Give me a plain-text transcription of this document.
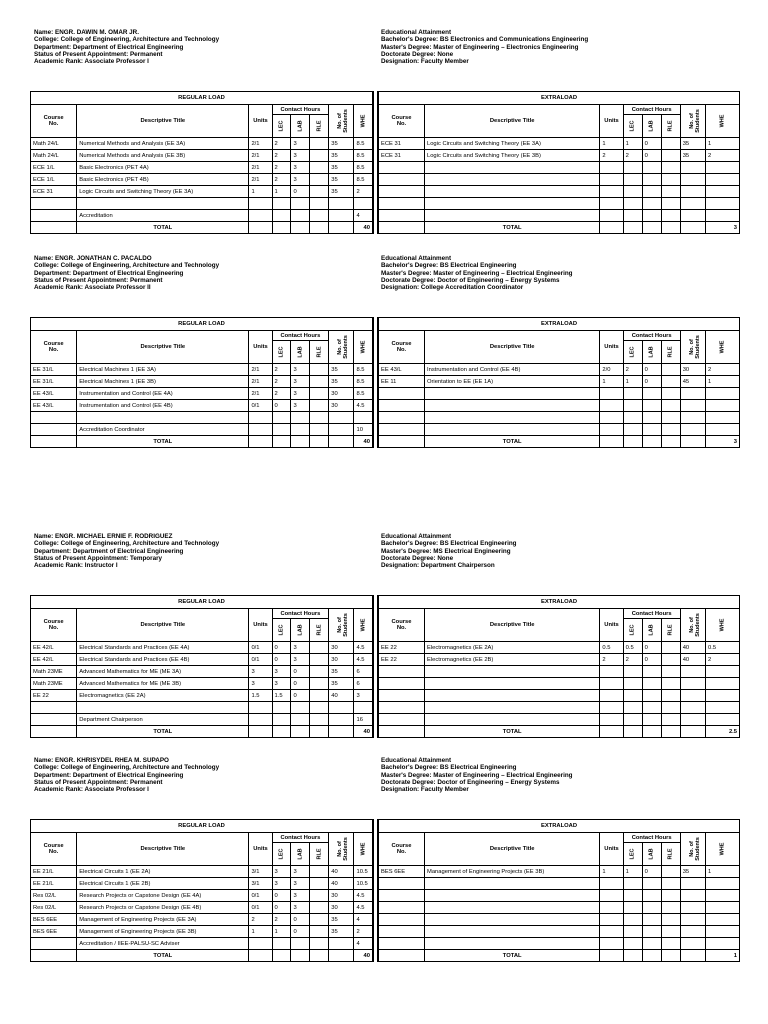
Name: ENGR. DAWIN M. OMAR JR.
College: College of Engineering, Architecture and Technology
Department: Department of Electrical Engineering
Status of Present Appointment: Permanent
Academic Rank: Associate Professor I
Educational Attainment
Bachelor's Degree: BS Electronics and Communications Engineering
Master's Degree: Master of Engineering – Electronics Engineering
Doctorate Degree: None
Designation: Faculty Member
REGULAR LOAD							
Course
No.	Descriptive Title	Units	Contact Hours			No. of
Students	WHE
			LEC	LAB	RLE		
Math 24/L	Numerical Methods and Analysis (EE 3A)	2/1	2	3		35	8.5
Math 24/L	Numerical Methods and Analysis (EE 3B)	2/1	2	3		35	8.5
ECE 1/L	Basic Electronics (PET 4A)	2/1	2	3		35	8.5
ECE 1/L	Basic Electronics (PET 4B)	2/1	2	3		35	8.5
ECE 31	Logic Circuits and Switching Theory (EE 3A)	1	1	0		35	2

	Accreditation						4
	TOTAL						40
EXTRALOAD							
Course
No.	Descriptive Title	Units	Contact Hours			No. of
Students	WHE
			LEC	LAB	RLE		
ECE 31	Logic Circuits and Switching Theory (EE 3A)	1	1	0		35	1
ECE 31	Logic Circuits and Switching Theory (EE 3B)	2	2	0		35	2

	TOTAL						3
Name: ENGR. JONATHAN C. PACALDO
College: College of Engineering, Architecture and Technology
Department: Department of Electrical Engineering
Status of Present Appointment: Permanent
Academic Rank: Associate Professor II
Educational Attainment
Bachelor's Degree: BS Electrical Engineering
Master's Degree: Master of Engineering – Electrical Engineering
Doctorate Degree: Doctor of Engineering – Energy Systems
Designation: College Accreditation Coordinator
REGULAR LOAD							
Course
No.	Descriptive Title	Units	Contact Hours			No. of
Students	WHE
			LEC	LAB	RLE		
EE 31/L	Electrical Machines 1 (EE 3A)	2/1	2	3		35	8.5
EE 31/L	Electrical Machines 1 (EE 3B)	2/1	2	3		35	8.5
EE 43/L	Instrumentation and Control (EE 4A)	2/1	2	3		30	8.5
EE 43/L	Instrumentation and Control (EE 4B)	0/1	0	3		30	4.5

	Accreditation Coordinator						10
	TOTAL						40
EXTRALOAD							
Course
No.	Descriptive Title	Units	Contact Hours			No. of
Students	WHE
			LEC	LAB	RLE		
EE 43/L	Instrumentation and Control (EE 4B)	2/0	2	0		30	2
EE 11	Orientation to EE (EE 1A)	1	1	0		45	1

	TOTAL						3
Name: ENGR. MICHAEL ERNIE F. RODRIGUEZ
College: College of Engineering, Architecture and Technology
Department: Department of Electrical Engineering
Status of Present Appointment: Temporary
Academic Rank: Instructor I
Educational Attainment
Bachelor's Degree: BS Electrical Engineering
Master's Degree: MS Electrical Engineering
Doctorate Degree: None
Designation: Department Chairperson
REGULAR LOAD							
Course
No.	Descriptive Title	Units	Contact Hours			No. of
Students	WHE
			LEC	LAB	RLE		
EE 42/L	Electrical Standards and Practices (EE 4A)	0/1	0	3		30	4.5
EE 42/L	Electrical Standards and Practices (EE 4B)	0/1	0	3		30	4.5
Math 23ME	Advanced Mathematics for ME (ME 3A)	3	3	0		35	6
Math 23ME	Advanced Mathematics for ME (ME 3B)	3	3	0		35	6
EE 22	Electromagnetics (EE 2A)	1.5	1.5	0		40	3

	Department Chairperson						16
	TOTAL						40
EXTRALOAD							
Course
No.	Descriptive Title	Units	Contact Hours			No. of
Students	WHE
			LEC	LAB	RLE		
EE 22	Electromagnetics (EE 2A)	0.5	0.5	0		40	0.5
EE 22	Electromagnetics (EE 2B)	2	2	0		40	2

	TOTAL						2.5
Name: ENGR. KHRISYDEL RHEA M. SUPAPO
College: College of Engineering, Architecture and Technology
Department: Department of Electrical Engineering
Status of Present Appointment: Permanent
Academic Rank: Associate Professor I
Educational Attainment
Bachelor's Degree: BS Electrical Engineering
Master's Degree: Master of Engineering – Electrical Engineering
Doctorate Degree: Doctor of Engineering – Energy Systems
Designation: Faculty Member
REGULAR LOAD							
Course
No.	Descriptive Title	Units	Contact Hours			No. of
Students	WHE
			LEC	LAB	RLE		
EE 21/L	Electrical Circuits 1 (EE 2A)	3/1	3	3		40	10.5
EE 21/L	Electrical Circuits 1 (EE 2B)	3/1	3	3		40	10.5
Res 02/L	Research Projects or Capstone Design (EE 4A)	0/1	0	3		30	4.5
Res 02/L	Research Projects or Capstone Design (EE 4B)	0/1	0	3		30	4.5
BES 6EE	Management of Engineering Projects (EE 3A)	2	2	0		35	4
BES 6EE	Management of Engineering Projects (EE 3B)	1	1	0		35	2
	Accreditation / IIEE-PALSU-SC Adviser						4
	TOTAL						40
EXTRALOAD							
Course
No.	Descriptive Title	Units	Contact Hours			No. of
Students	WHE
			LEC	LAB	RLE		
BES 6EE	Management of Engineering Projects (EE 3B)	1	1	0		35	1

	TOTAL						1
